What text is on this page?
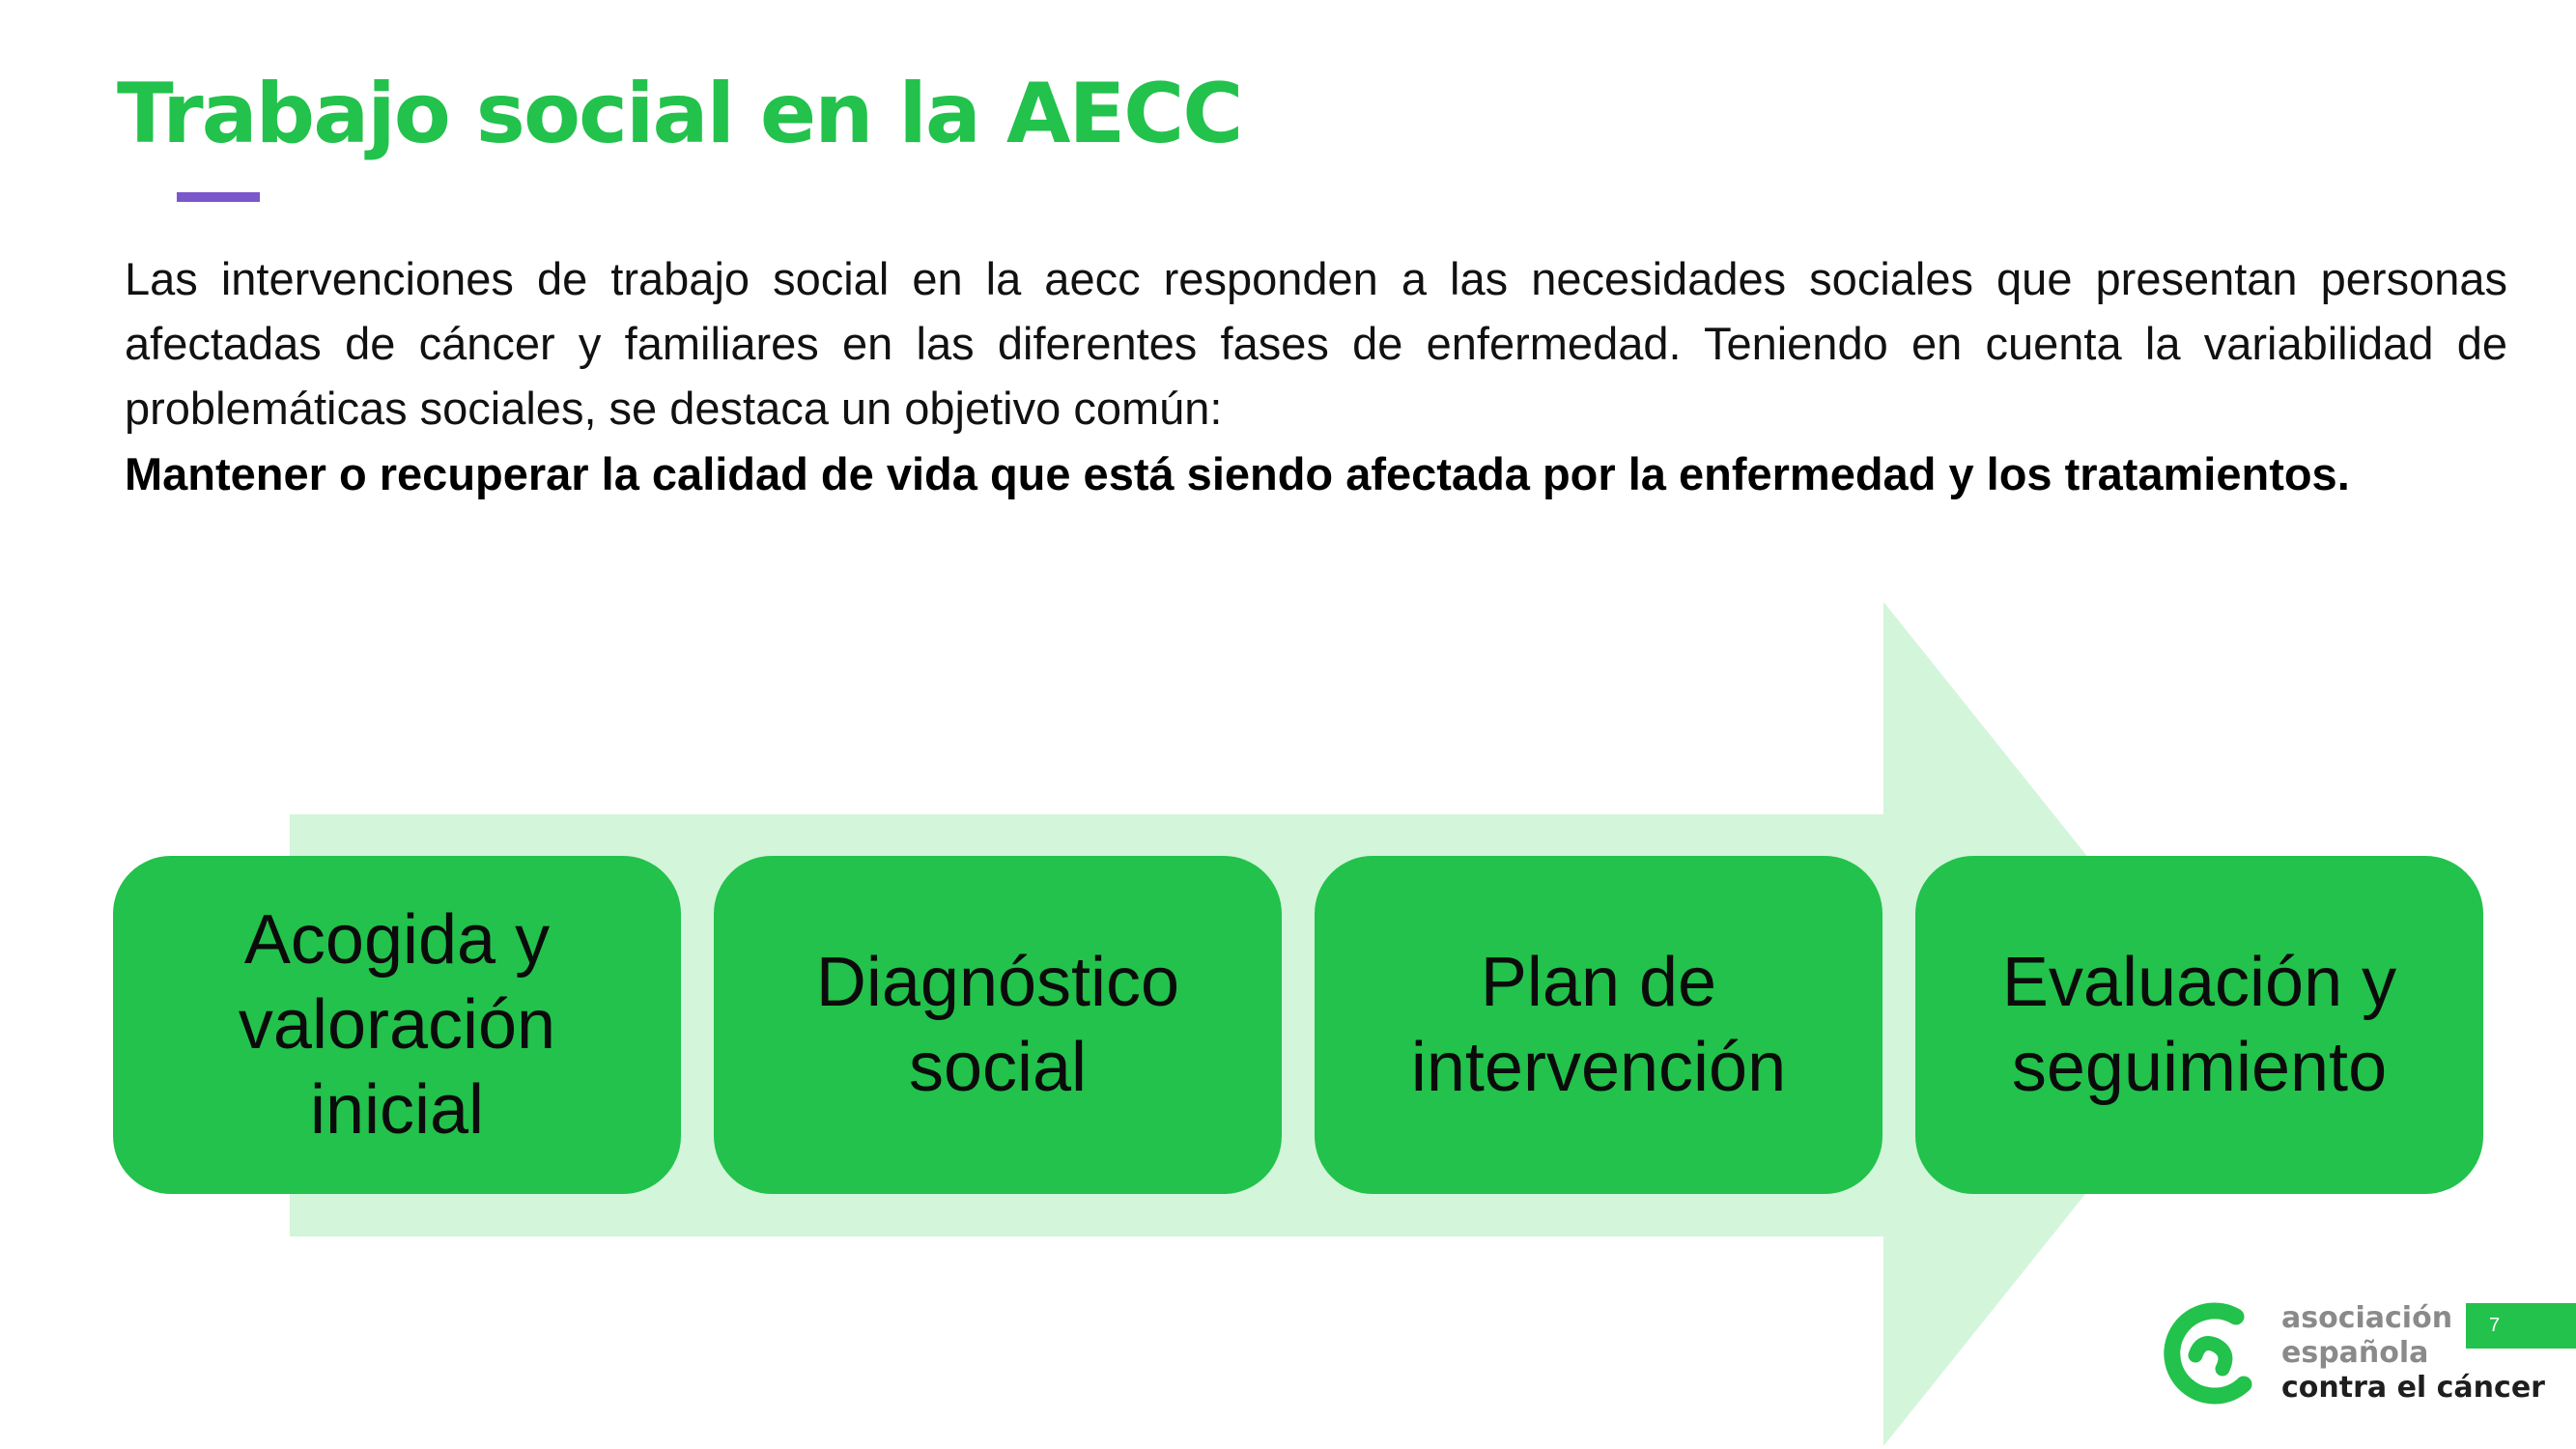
Trabajo social en la AECC

Las intervenciones de trabajo social en la aecc responden a las necesidades sociales que presentan personas afectadas de cáncer y familiares en las diferentes fases de enfermedad. Teniendo en cuenta la variabilidad de problemáticas sociales, se destaca un objetivo común:

Mantener o recuperar la calidad de vida que está siendo afectada por la enfermedad y los tratamientos.

Acogida y
valoración
inicial
Diagnóstico
social
Plan de
intervención
Evaluación y
seguimiento
asociación
española
contra el cáncer
7
